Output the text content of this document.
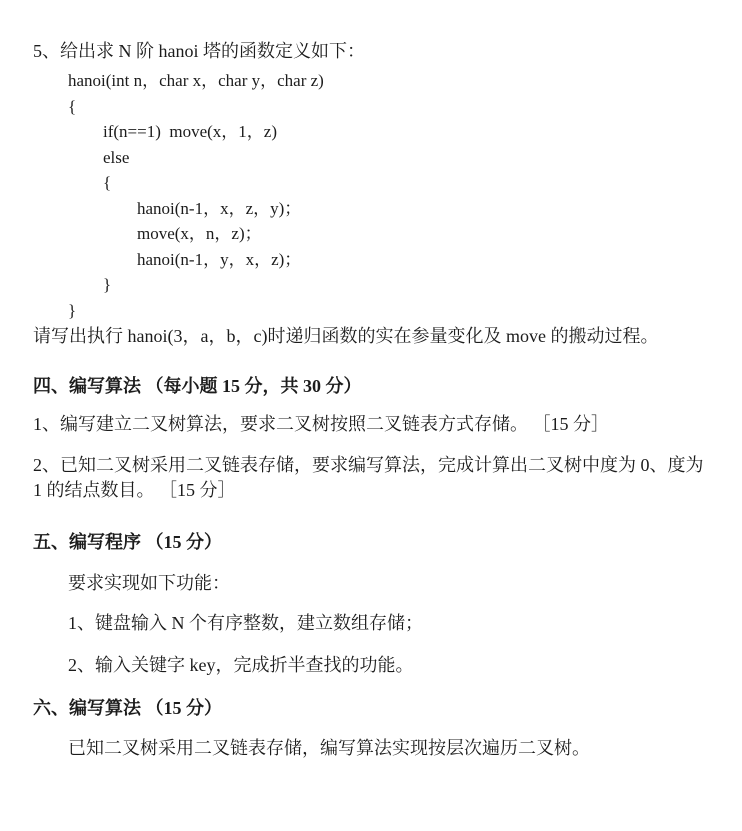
5、给出求 N 阶 hanoi 塔的函数定义如下：
hanoi(int n，char x，char y，char z)
{
if(n==1)  move(x，1，z)
else
{
hanoi(n-1，x，z，y)；
move(x，n，z)；
hanoi(n-1，y，x，z)；
}
}
请写出执行 hanoi(3，a，b，c)时递归函数的实在参量变化及 move 的搬动过程。
四、编写算法 （每小题 15 分，共 30 分）
1、编写建立二叉树算法，要求二叉树按照二叉链表方式存储。 ［15 分］
2、已知二叉树采用二叉链表存储，要求编写算法，完成计算出二叉树中度为 0、度为 1 的结点数目。 ［15 分］
五、编写程序 （15 分）
要求实现如下功能：
1、键盘输入 N 个有序整数，建立数组存储；
2、输入关键字 key，完成折半查找的功能。
六、编写算法 （15 分）
已知二叉树采用二叉链表存储，编写算法实现按层次遍历二叉树。
